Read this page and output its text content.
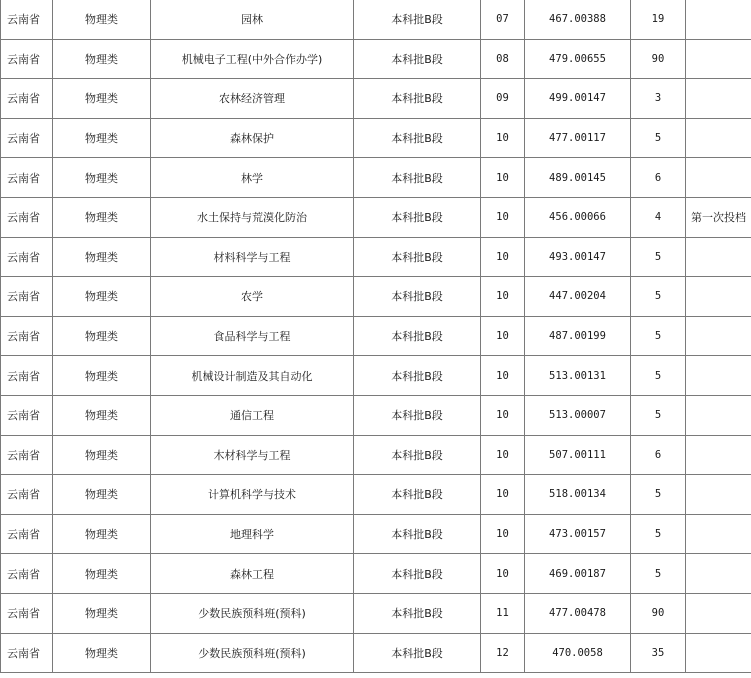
云南省	物理类	园林	本科批B段	07	467.00388	19	
云南省	物理类	机械电子工程(中外合作办学)	本科批B段	08	479.00655	90	
云南省	物理类	农林经济管理	本科批B段	09	499.00147	3	
云南省	物理类	森林保护	本科批B段	10	477.00117	5	
云南省	物理类	林学	本科批B段	10	489.00145	6	
云南省	物理类	水土保持与荒漠化防治	本科批B段	10	456.00066	4	第一次投档
云南省	物理类	材料科学与工程	本科批B段	10	493.00147	5	
云南省	物理类	农学	本科批B段	10	447.00204	5	
云南省	物理类	食品科学与工程	本科批B段	10	487.00199	5	
云南省	物理类	机械设计制造及其自动化	本科批B段	10	513.00131	5	
云南省	物理类	通信工程	本科批B段	10	513.00007	5	
云南省	物理类	木材科学与工程	本科批B段	10	507.00111	6	
云南省	物理类	计算机科学与技术	本科批B段	10	518.00134	5	
云南省	物理类	地理科学	本科批B段	10	473.00157	5	
云南省	物理类	森林工程	本科批B段	10	469.00187	5	
云南省	物理类	少数民族预科班(预科)	本科批B段	11	477.00478	90	
云南省	物理类	少数民族预科班(预科)	本科批B段	12	470.0058	35	
